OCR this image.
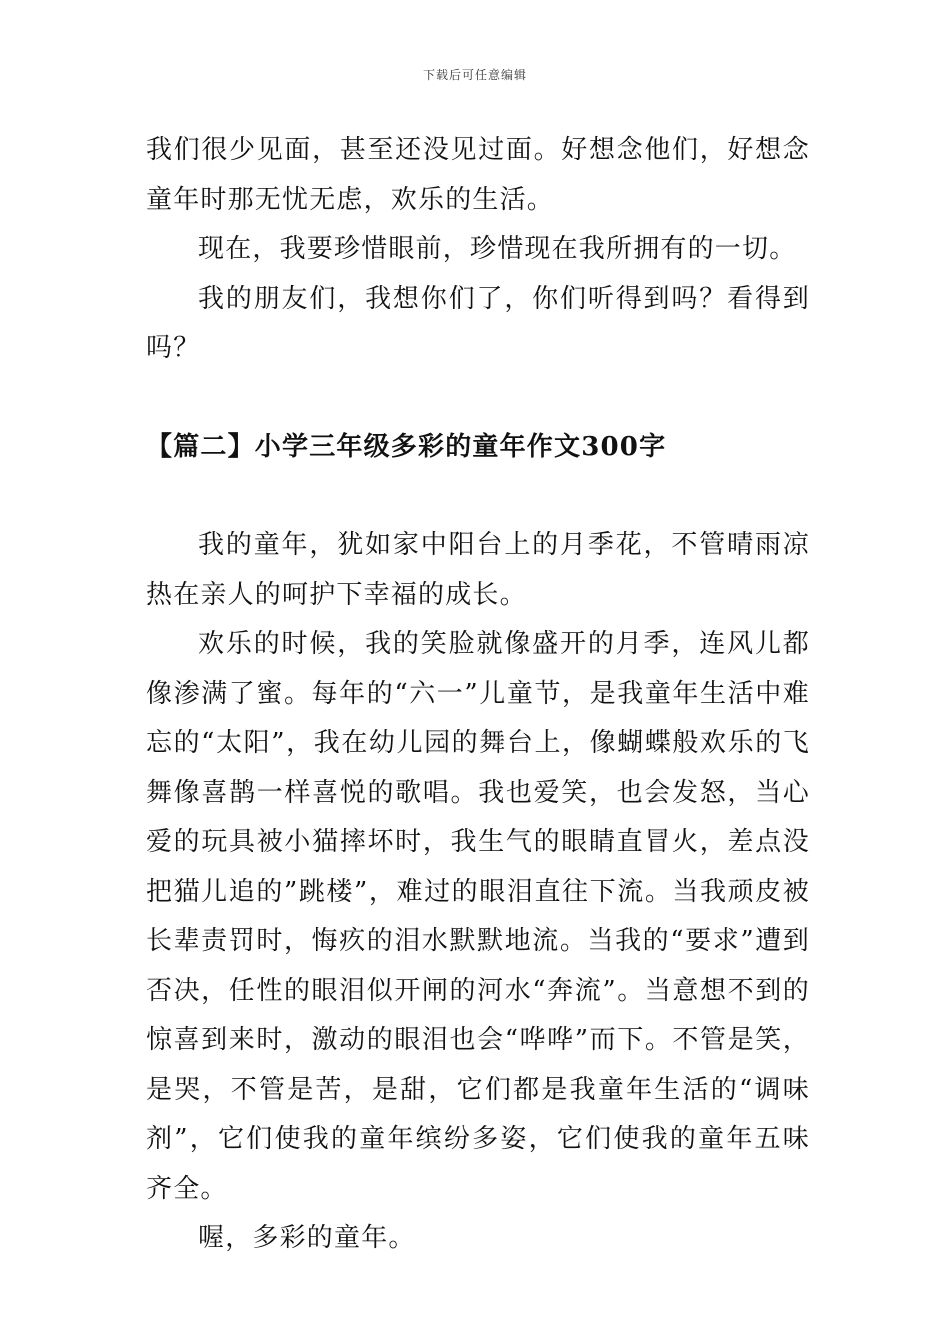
下载后可任意编辑

我们很少见面，甚至还没见过面。好想念他们，好想念童年时那无忧无虑，欢乐的生活。

现在，我要珍惜眼前，珍惜现在我所拥有的一切。

我的朋友们，我想你们了，你们听得到吗？看得到吗？

【篇二】小学三年级多彩的童年作文300字

我的童年，犹如家中阳台上的月季花，不管晴雨凉热在亲人的呵护下幸福的成长。

欢乐的时候，我的笑脸就像盛开的月季，连风儿都像渗满了蜜。每年的“六一”儿童节，是我童年生活中难忘的“太阳”，我在幼儿园的舞台上，像蝴蝶般欢乐的飞舞像喜鹊一样喜悦的歌唱。我也爱笑，也会发怒，当心爱的玩具被小猫摔坏时，我生气的眼睛直冒火，差点没把猫儿追的”跳楼”，难过的眼泪直往下流。当我顽皮被长辈责罚时，悔疚的泪水默默地流。当我的“要求”遭到否决，任性的眼泪似开闸的河水“奔流”。当意想不到的惊喜到来时，激动的眼泪也会“哗哗”而下。不管是笑，是哭，不管是苦，是甜，它们都是我童年生活的“调味剂”，它们使我的童年缤纷多姿，它们使我的童年五味齐全。

喔，多彩的童年。
